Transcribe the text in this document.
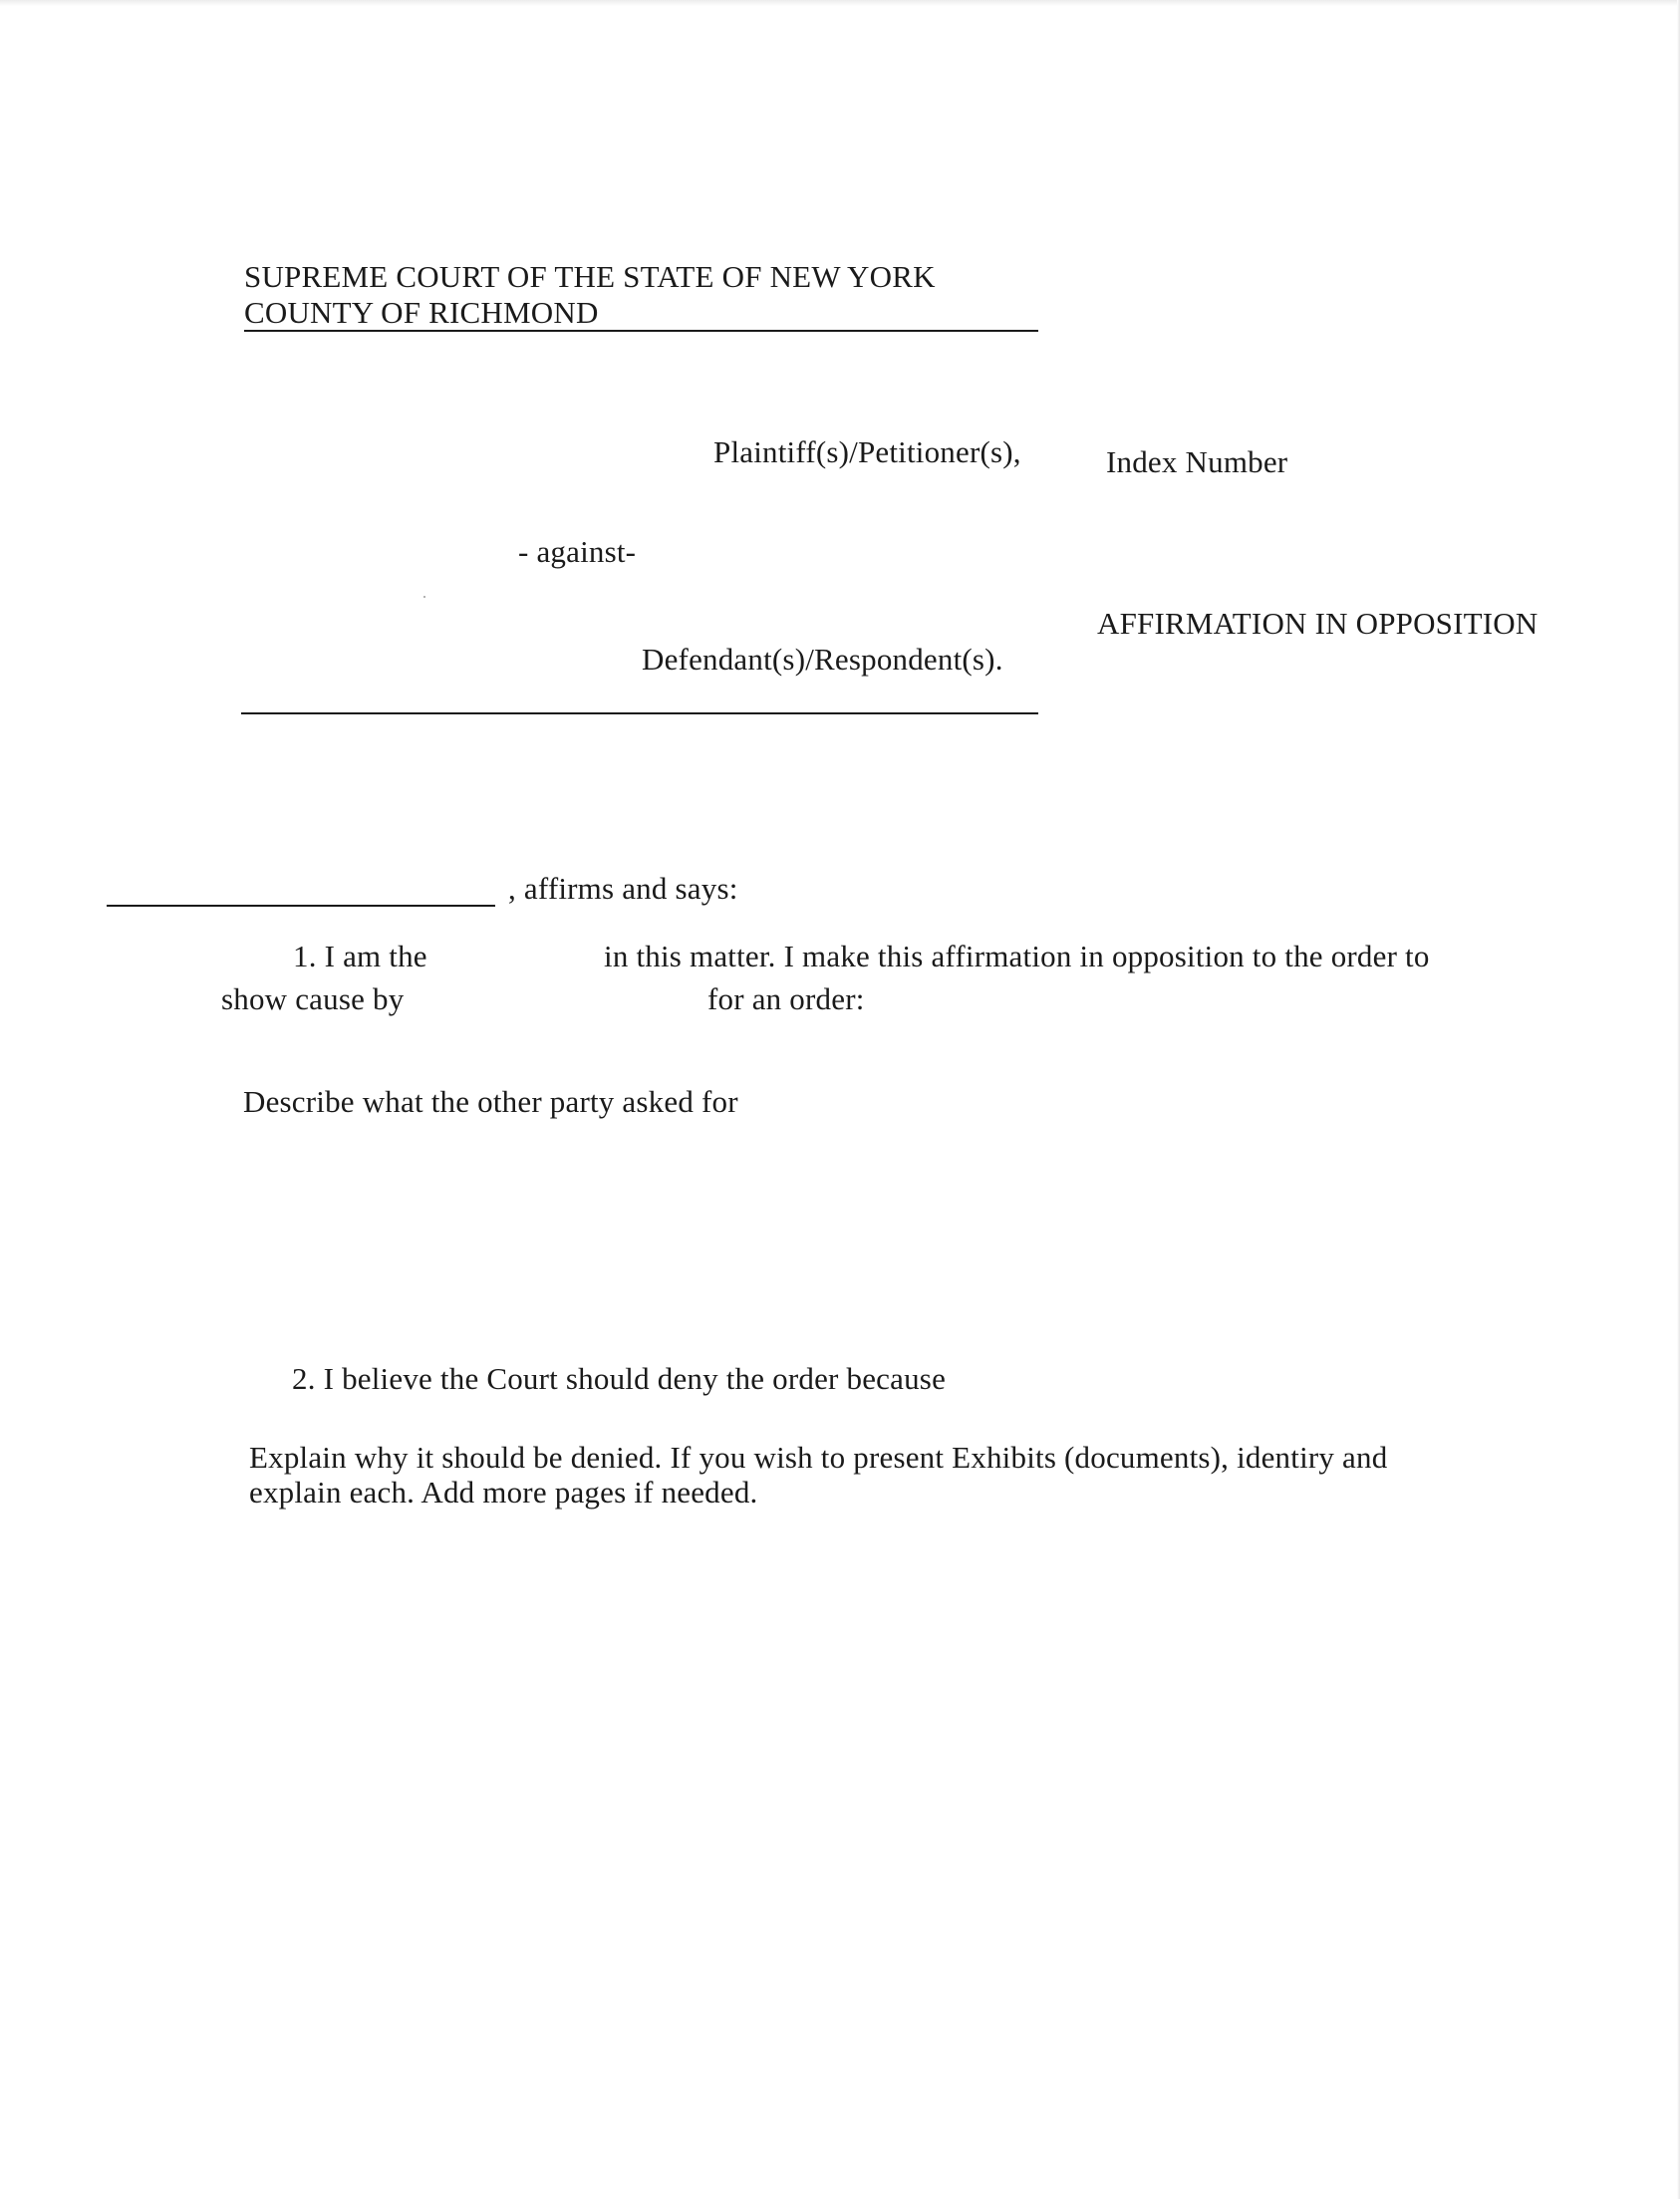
SUPREME COURT OF THE STATE OF NEW YORK
COUNTY OF RICHMOND
Plaintiff(s)/Petitioner(s),	Index Number
- against-
AFFIRMATION IN OPPOSITION
Defendant(s)/Respondent(s).
, affirms and says:
1. I am the	in this matter. I make this affirmation in opposition to the order to
show cause by	for an order:
Describe what the other party asked for
2. I believe the Court should deny the order because
Explain why it should be denied. If you wish to present Exhibits (documents), identiry and
explain each. Add more pages if needed.
